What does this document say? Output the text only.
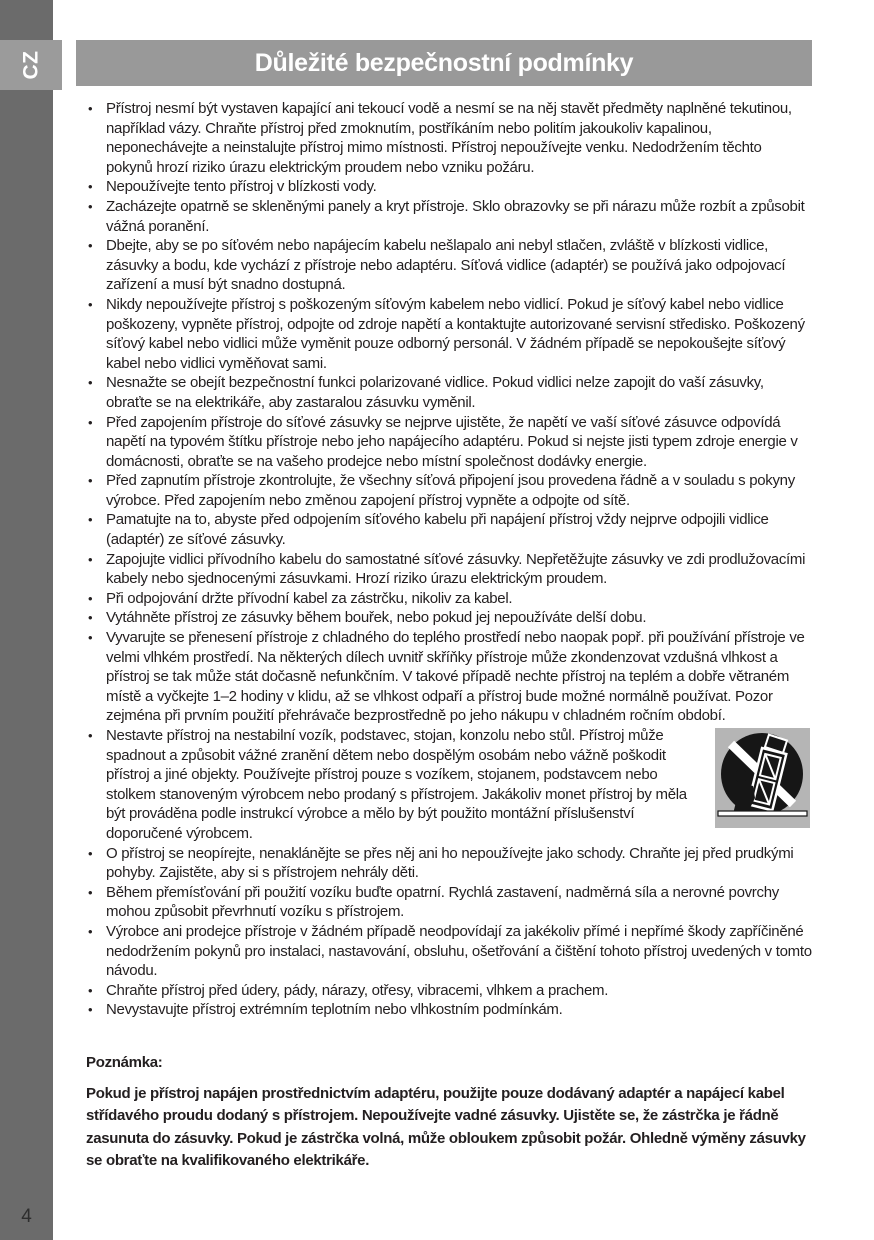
4
CZ	Důležité bezpečnostní podmínky
• Přístroj nesmí být vystaven kapající ani tekoucí vodě a nesmí se na něj stavět předměty naplněné tekutinou, například vázy. Chraňte přístroj před zmoknutím, postříkáním nebo politím jakoukoliv kapalinou, neponechávejte a neinstalujte přístroj mimo místnosti. Přístroj nepoužívejte venku. Nedodržením těchto pokynů hrozí riziko úrazu elektrickým proudem nebo vzniku požáru.
• Nepoužívejte tento přístroj v blízkosti vody.
• Zacházejte opatrně se skleněnými panely a kryt přístroje. Sklo obrazovky se při nárazu může rozbít a způsobit vážná poranění.
• Dbejte, aby se po síťovém nebo napájecím kabelu nešlapalo ani nebyl stlačen, zvláště v blízkosti vidlice, zásuvky a bodu, kde vychází z přístroje nebo adaptéru. Síťová vidlice (adaptér) se používá jako odpojovací zařízení a musí být snadno dostupná.
• Nikdy nepoužívejte přístroj s poškozeným síťovým kabelem nebo vidlicí. Pokud je síťový kabel nebo vidlice poškozeny, vypněte přístroj, odpojte od zdroje napětí a kontaktujte autorizované servisní středisko. Poškozený síťový kabel nebo vidlici může vyměnit pouze odborný personál. V žádném případě se nepokoušejte síťový kabel nebo vidlici vyměňovat sami.
• Nesnažte se obejít bezpečnostní funkci polarizované vidlice. Pokud vidlici nelze zapojit do vaší zásuvky, obraťte se na elektrikáře, aby zastaralou zásuvku vyměnil.
• Před zapojením přístroje do síťové zásuvky se nejprve ujistěte, že napětí ve vaší síťové zásuvce odpovídá napětí na typovém štítku přístroje nebo jeho napájecího adaptéru. Pokud si nejste jisti typem zdroje energie v domácnosti, obraťte se na vašeho prodejce nebo místní společnost dodávky energie.
• Před zapnutím přístroje zkontrolujte, že všechny síťová připojení jsou provedena řádně a v souladu s pokyny výrobce. Před zapojením nebo změnou zapojení přístroj vypněte a odpojte od sítě.
• Pamatujte na to, abyste před odpojením síťového kabelu při napájení přístroj vždy nejprve odpojili vidlice (adaptér) ze síťové zásuvky.
• Zapojujte vidlici přívodního kabelu do samostatné síťové zásuvky. Nepřetěžujte zásuvky ve zdi prodlužovacími kabely nebo sjednocenými zásuvkami. Hrozí riziko úrazu elektrickým proudem.
• Při odpojování držte přívodní kabel za zástrčku, nikoliv za kabel.
• Vytáhněte přístroj ze zásuvky během bouřek, nebo pokud jej nepoužíváte delší dobu.
• Vyvarujte se přenesení přístroje z chladného do teplého prostředí nebo naopak popř. při používání přístroje ve velmi vlhkém prostředí. Na některých dílech uvnitř skříňky přístroje může zkondenzovat vzdušná vlhkost a přístroj se tak může stát dočasně nefunkčním. V takové případě nechte přístroj na teplém a dobře větraném místě a vyčkejte 1–2 hodiny v klidu, až se vlhkost odpaří a přístroj bude možné normálně používat. Pozor zejména při prvním použití přehrávače bezprostředně po jeho nákupu v chladném ročním období.
• Nestavte přístroj na nestabilní vozík, podstavec, stojan, konzolu nebo stůl. Přístroj může spadnout a způsobit vážné zranění dětem nebo dospělým osobám nebo vážně poškodit přístroj a jiné objekty. Používejte přístroj pouze s vozíkem, stojanem, podstavcem nebo stolkem stanoveným výrobcem nebo prodaný s přístrojem. Jakákoliv monet přístroj by měla být prováděna podle instrukcí výrobce a mělo by být použito montážní příslušenství doporučené výrobcem.
• O přístroj se neopírejte, nenaklánějte se přes něj ani ho nepoužívejte jako schody. Chraňte jej před prudkými pohyby. Zajistěte, aby si s přístrojem nehrály děti.
• Během přemísťování při použití vozíku buďte opatrní. Rychlá zastavení, nadměrná síla a nerovné povrchy mohou způsobit převrhnutí vozíku s přístrojem.
• Výrobce ani prodejce přístroje v žádném případě neodpovídají za jakékoliv přímé i nepřímé škody zapříčiněné nedodržením pokynů pro instalaci, nastavování, obsluhu, ošetřování a čištění tohoto přístroj uvedených v tomto návodu.
• Chraňte přístroj před údery, pády, nárazy, otřesy, vibracemi, vlhkem a prachem.
• Nevystavujte přístroj extrémním teplotním nebo vlhkostním podmínkám.

Poznámka:

Pokud je přístroj napájen prostřednictvím adaptéru, použijte pouze dodávaný adaptér a napájecí kabel střídavého proudu dodaný s přístrojem. Nepoužívejte vadné zásuvky. Ujistěte se, že zástrčka je řádně zasunuta do zásuvky. Pokud je zástrčka volná, může obloukem způsobit požár. Ohledně výměny zásuvky se obraťte na kvalifikovaného elektrikáře.
